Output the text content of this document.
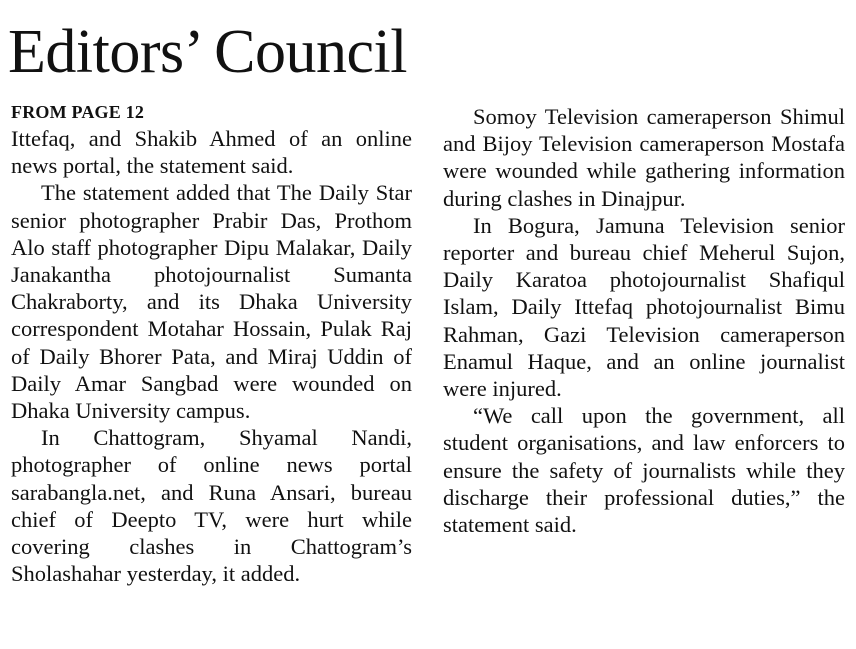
Editors’ Council
FROM PAGE 12

Ittefaq, and Shakib Ahmed of an online news portal, the statement said.

The statement added that The Daily Star senior photographer Prabir Das, Prothom Alo staff photographer Dipu Malakar, Daily Janakantha photojournalist Sumanta Chakraborty, and its Dhaka University correspondent Motahar Hossain, Pulak Raj of Daily Bhorer Pata, and Miraj Uddin of Daily Amar Sangbad were wounded on Dhaka University campus.

In Chattogram, Shyamal Nandi, photographer of online news portal sarabangla.net, and Runa Ansari, bureau chief of Deepto TV, were hurt while covering clashes in Chattogram’s Sholashahar yesterday, it added.

Somoy Television cameraperson Shimul and Bijoy Television cameraperson Mostafa were wounded while gathering information during clashes in Dinajpur.

In Bogura, Jamuna Television senior reporter and bureau chief Meherul Sujon, Daily Karatoa photojournalist Shafiqul Islam, Daily Ittefaq photojournalist Bimu Rahman, Gazi Television cameraperson Enamul Haque, and an online journalist were injured.

“We call upon the government, all student organisations, and law enforcers to ensure the safety of journalists while they discharge their professional duties,” the statement said.
